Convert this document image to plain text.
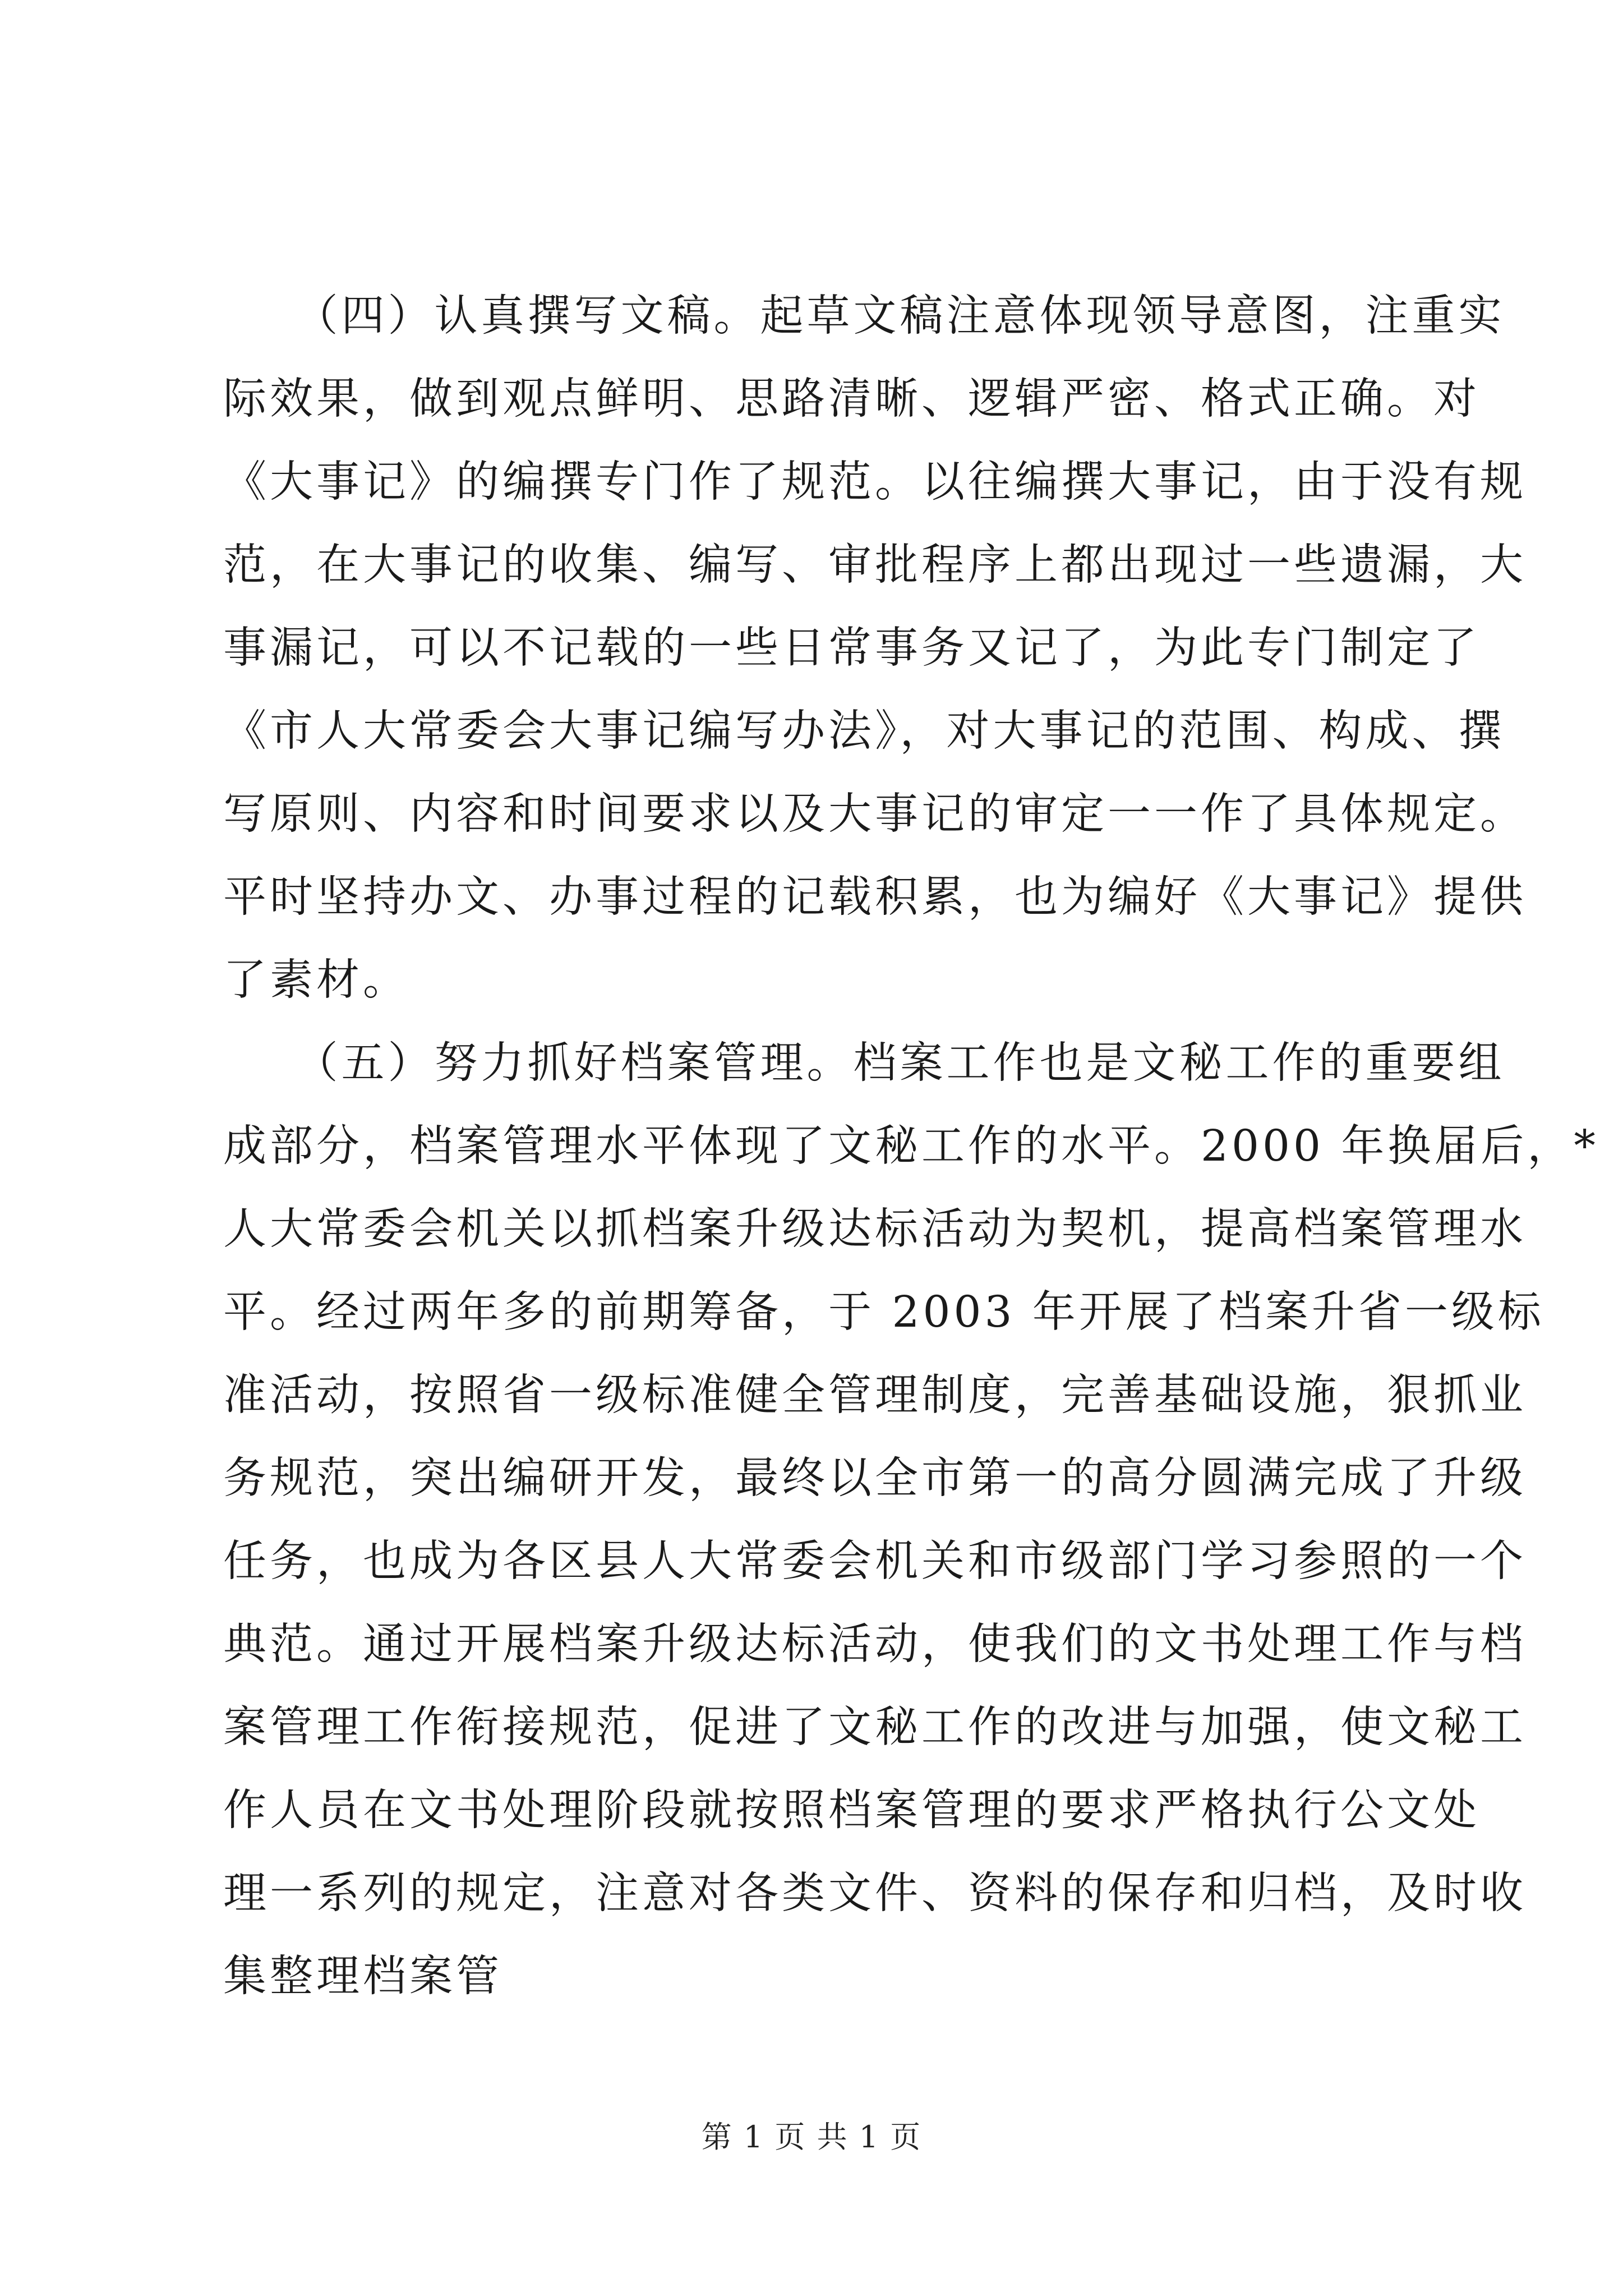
　　（四）认真撰写文稿。起草文稿注意体现领导意图，注重实
际效果，做到观点鲜明、思路清晰、逻辑严密、格式正确。对
《大事记》的编撰专门作了规范。以往编撰大事记，由于没有规
范，在大事记的收集、编写、审批程序上都出现过一些遗漏，大
事漏记，可以不记载的一些日常事务又记了，为此专门制定了
《市人大常委会大事记编写办法》，对大事记的范围、构成、撰
写原则、内容和时间要求以及大事记的审定一一作了具体规定。
平时坚持办文、办事过程的记载积累，也为编好《大事记》提供
了素材。
　　（五）努力抓好档案管理。档案工作也是文秘工作的重要组
成部分，档案管理水平体现了文秘工作的水平。2000 年换届后，*
人大常委会机关以抓档案升级达标活动为契机，提高档案管理水
平。经过两年多的前期筹备，于 2003 年开展了档案升省一级标
准活动，按照省一级标准健全管理制度，完善基础设施，狠抓业
务规范，突出编研开发，最终以全市第一的高分圆满完成了升级
任务，也成为各区县人大常委会机关和市级部门学习参照的一个
典范。通过开展档案升级达标活动，使我们的文书处理工作与档
案管理工作衔接规范，促进了文秘工作的改进与加强，使文秘工
作人员在文书处理阶段就按照档案管理的要求严格执行公文处
理一系列的规定，注意对各类文件、资料的保存和归档，及时收
集整理档案管
第 1 页 共 1 页
